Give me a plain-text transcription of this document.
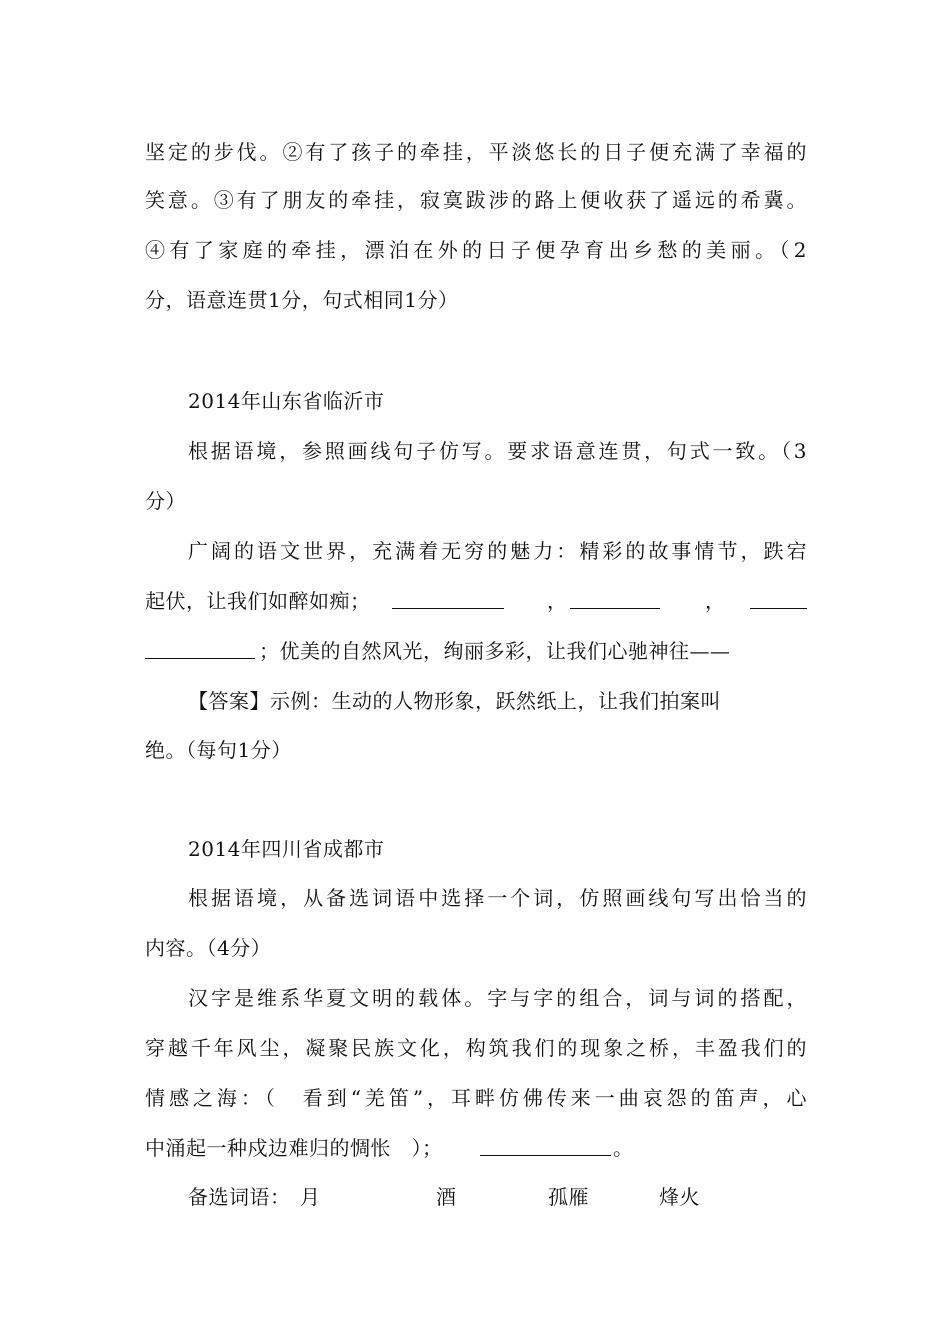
坚定的步伐。②有了孩子的牵挂，平淡悠长的日子便充满了幸福的
笑意。③有了朋友的牵挂，寂寞跋涉的路上便收获了遥远的希冀。
④有了家庭的牵挂，漂泊在外的日子便孕育出乡愁的美丽。（2
分，语意连贯1分，句式相同1分）
2014年山东省临沂市
根据语境，参照画线句子仿写。要求语意连贯，句式一致。（3
分）
广阔的语文世界，充满着无穷的魅力：精彩的故事情节，跌宕
起伏，让我们如醉如痴；	，	，
；优美的自然风光，绚丽多彩，让我们心驰神往——
【答案】示例：生动的人物形象，跃然纸上，让我们拍案叫
绝。（每句1分）
2014年四川省成都市
根据语境，从备选词语中选择一个词，仿照画线句写出恰当的
内容。（4分）
汉字是维系华夏文明的载体。字与字的组合，词与词的搭配，
穿越千年风尘，凝聚民族文化，构筑我们的现象之桥，丰盈我们的
情感之海：（　看到“羌笛”，耳畔仿佛传来一曲哀怨的笛声，心
中涌起一种戍边难归的惆怅　）；	。
备选词语： 月	酒	孤雁	烽火
